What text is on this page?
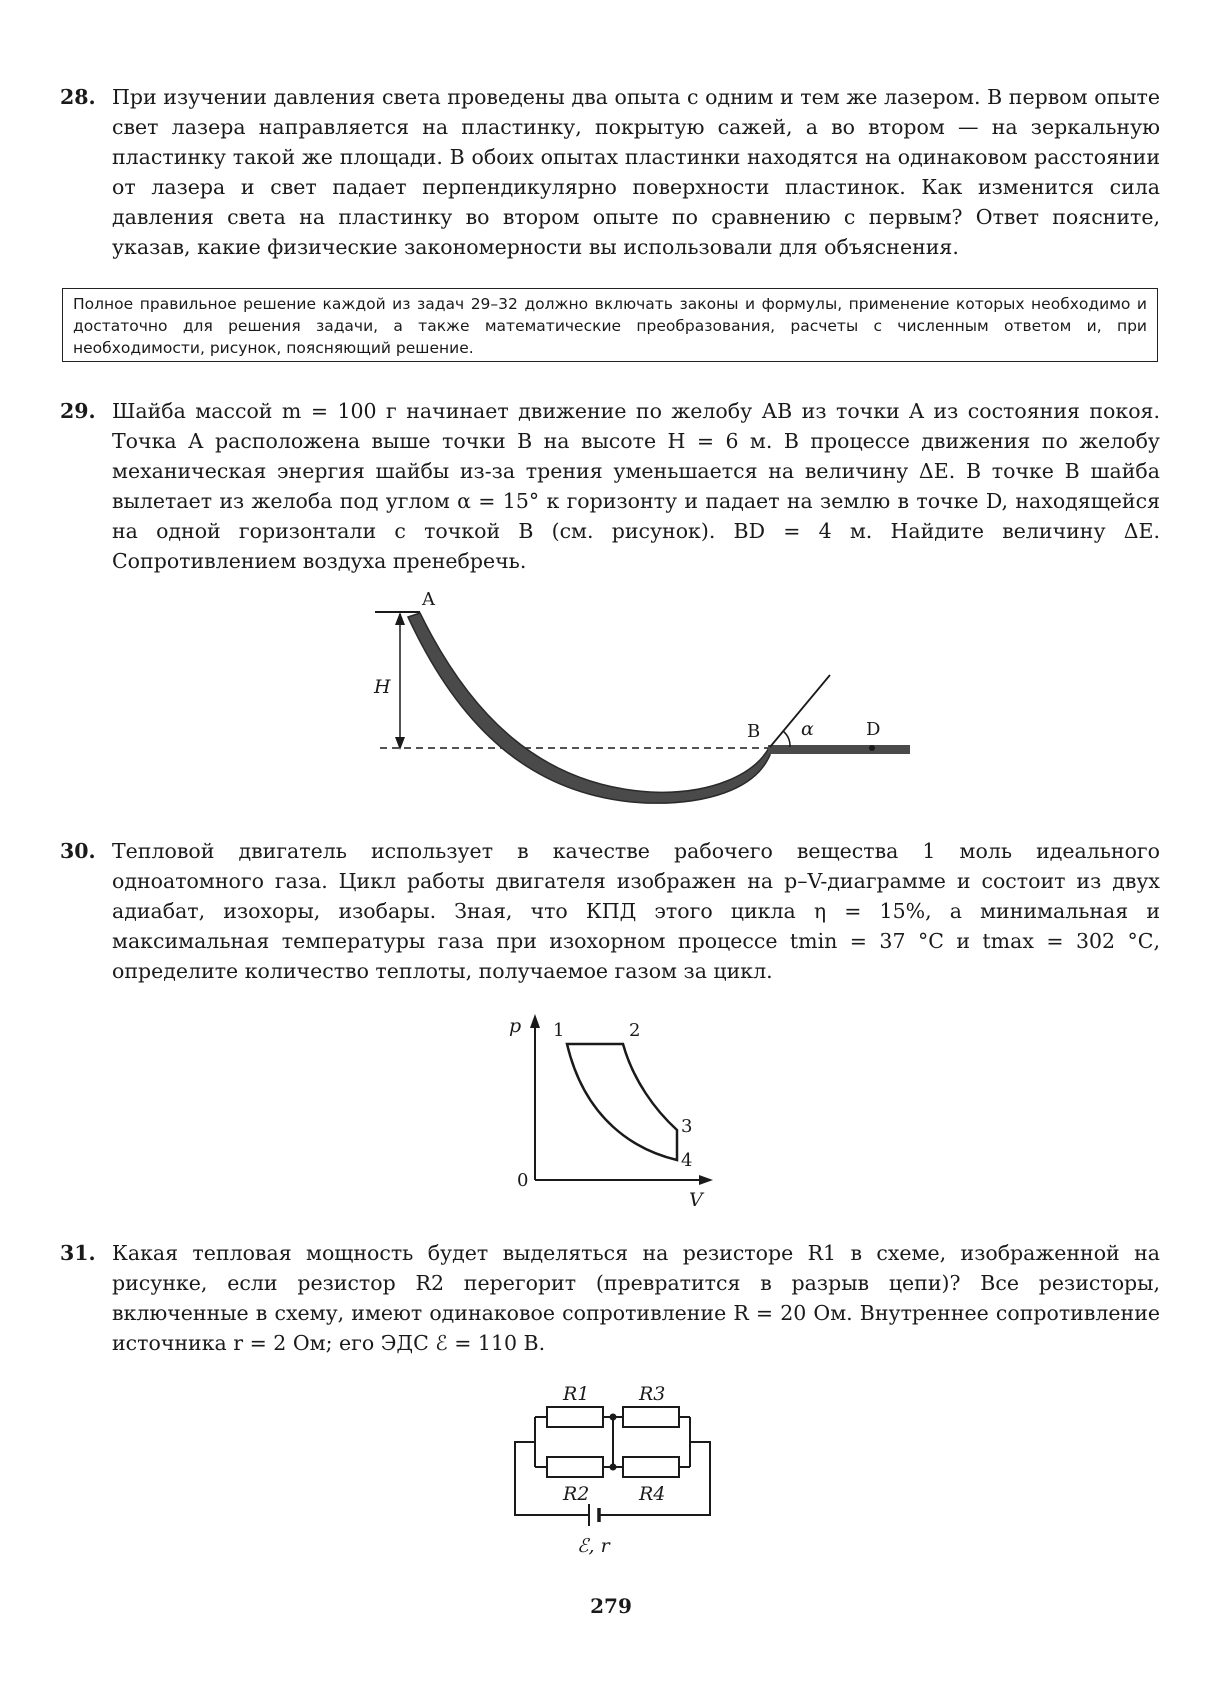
28. При изучении давления света проведены два опыта с одним и тем же лазером. В первом опыте свет лазера направляется на пластинку, покрытую сажей, а во втором — на зеркальную пластинку такой же площади. В обоих опытах пластинки находятся на одинаковом расстоянии от лазера и свет падает перпендикулярно поверхности пластинок. Как изменится сила давления света на пластинку во втором опыте по сравнению с первым? Ответ поясните, указав, какие физические закономерности вы использовали для объяснения.

Полное правильное решение каждой из задач 29–32 должно включать законы и формулы, применение которых необходимо и достаточно для решения задачи, а также математические преобразования, расчеты с численным ответом и, при необходимости, рисунок, поясняющий решение.
29. Шайба массой m = 100 г начинает движение по желобу АВ из точки A из состояния покоя. Точка А расположена выше точки В на высоте H = 6 м. В процессе движения по желобу механическая энергия шайбы из-за трения уменьшается на величину ΔE. В точке В шайба вылетает из желоба под углом α = 15° к горизонту и падает на землю в точке D, находящейся на одной горизонтали с точкой В (см. рисунок). BD = 4 м. Найдите величину ΔE. Сопротивлением воздуха пренебречь.

H
A
B α	D
30. Тепловой двигатель использует в качестве рабочего вещества 1 моль идеального одноатомного газа. Цикл работы двигателя изображен на p–V-диаграмме и состоит из двух адиабат, изохоры, изобары. Зная, что КПД этого цикла η = 15%, а минимальная и максимальная температуры газа при изохорном процессе tmin = 37 °С и tmax = 302 °С, определите количество теплоты, получаемое газом за цикл.

p
V
0
1	2
3
4
31. Какая тепловая мощность будет выделяться на резисторе R1 в схеме, изображенной на рисунке, если резистор R2 перегорит (превратится в разрыв цепи)? Все резисторы, включенные в схему, имеют одинаковое сопротивление R = 20 Ом. Внутреннее сопротивление источника r = 2 Ом; его ЭДС ℰ = 110 В.

R1	R3
R2	R4
ℰ, r
279
